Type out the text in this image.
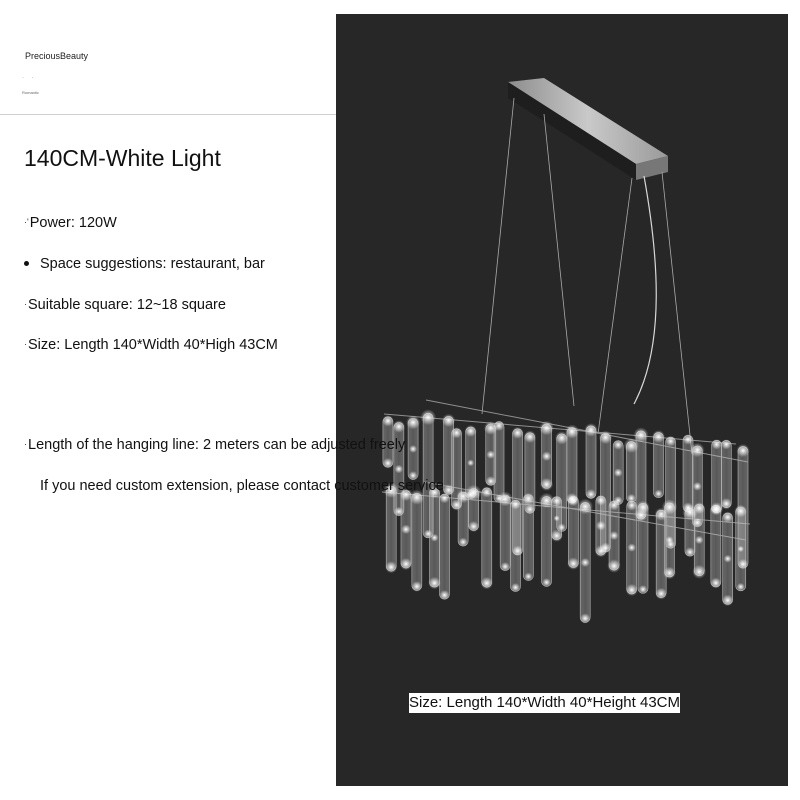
PreciousBeauty
· ·
Romantic
Size: Length 140*Width 40*Height 43CM
140CM-White Light
·'Power: 120W
Space suggestions: restaurant, bar
·Suitable square: 12~18 square
·Size: Length 140*Width 40*High 43CM
·Length of the hanging line: 2 meters can be adjusted freely
If you need custom extension, please contact customer service
